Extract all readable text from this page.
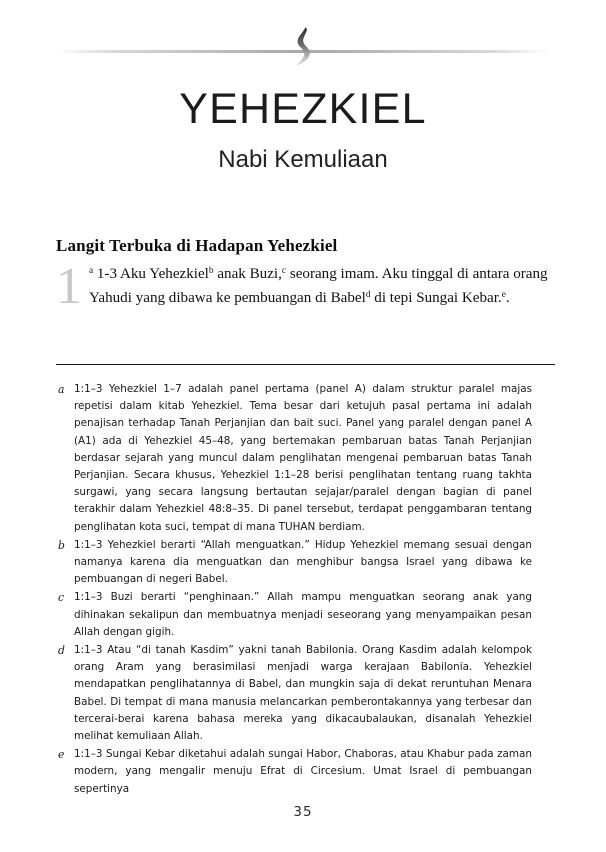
YEHEZKIEL
Nabi Kemuliaan
Langit Terbuka di Hadapan Yehezkiel
1 $^a$ 1-3 Aku Yehezkiel$^b$ anak Buzi,$^c$ seorang imam. Aku tinggal di antara orang Yahudi yang dibawa ke pembuangan di Babel$^d$ di tepi Sungai Kebar.$^e$.
a 1:1–3 Yehezkiel 1–7 adalah panel pertama (panel A) dalam struktur paralel majas repetisi dalam kitab Yehezkiel. Tema besar dari ketujuh pasal pertama ini adalah penajisan terhadap Tanah Perjanjian dan bait suci. Panel yang paralel dengan panel A (A1) ada di Yehezkiel 45–48, yang bertemakan pembaruan batas Tanah Perjanjian berdasar sejarah yang muncul dalam penglihatan mengenai pembaruan batas Tanah Perjanjian. Secara khusus, Yehezkiel 1:1–28 berisi penglihatan tentang ruang takhta surgawi, yang secara langsung bertautan sejajar/paralel dengan bagian di panel terakhir dalam Yehezkiel 48:8–35. Di panel tersebut, terdapat penggambaran tentang penglihatan kota suci, tempat di mana TUHAN berdiam.
b 1:1–3 Yehezkiel berarti “Allah menguatkan.” Hidup Yehezkiel memang sesuai dengan namanya karena dia menguatkan dan menghibur bangsa Israel yang dibawa ke pembuangan di negeri Babel.
c 1:1–3 Buzi berarti “penghinaan.” Allah mampu menguatkan seorang anak yang dihinakan sekalipun dan membuatnya menjadi seseorang yang menyampaikan pesan Allah dengan gigih.
d 1:1–3 Atau “di tanah Kasdim” yakni tanah Babilonia. Orang Kasdim adalah kelompok orang Aram yang berasimilasi menjadi warga kerajaan Babilonia. Yehezkiel mendapatkan penglihatannya di Babel, dan mungkin saja di dekat reruntuhan Menara Babel. Di tempat di mana manusia melancarkan pemberontakannya yang terbesar dan tercerai-berai karena bahasa mereka yang dikacaubalaukan, disanalah Yehezkiel melihat kemuliaan Allah.
e 1:1–3 Sungai Kebar diketahui adalah sungai Habor, Chaboras, atau Khabur pada zaman modern, yang mengalir menuju Efrat di Circesium. Umat Israel di pembuangan sepertinya
35
